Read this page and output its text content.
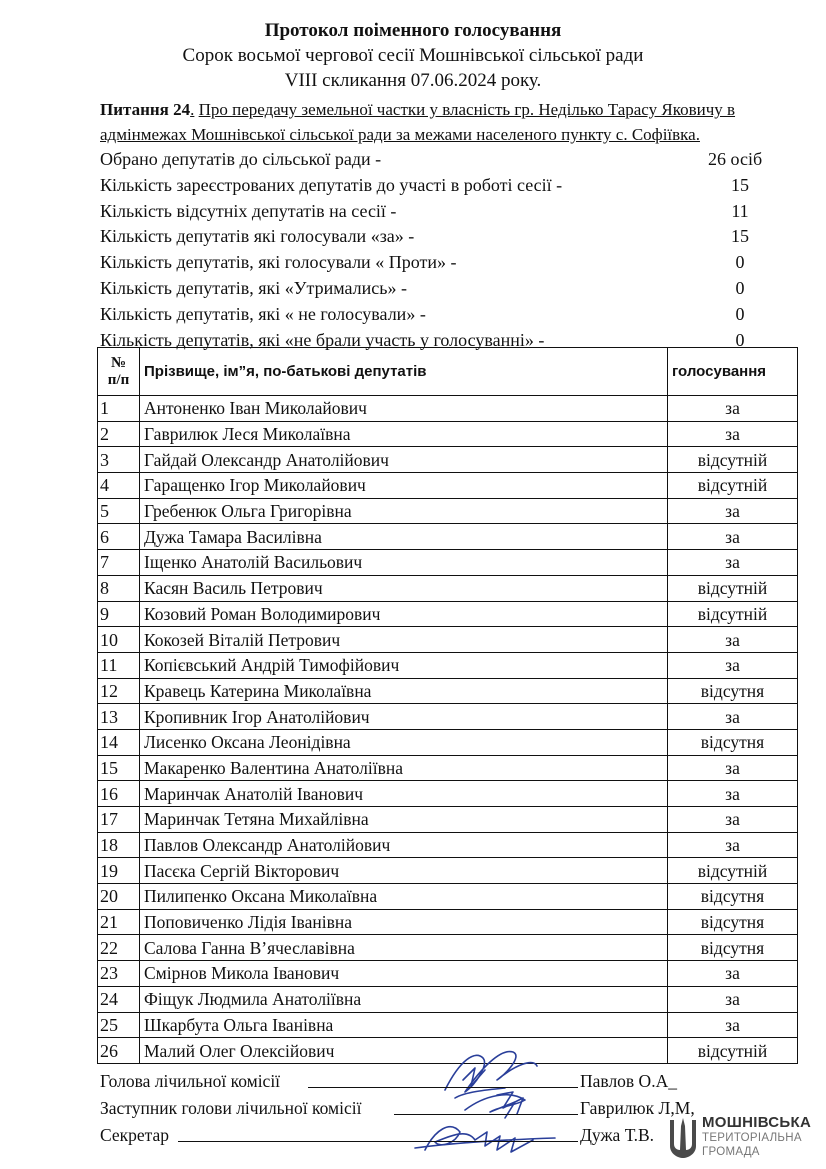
Протокол поіменного голосування
Сорок восьмої чергової сесії Мошнівської сільської ради
VIII скликання 07.06.2024 року.
Питання 24. Про передачу земельної частки у власність гр. Неділько Тарасу Яковичу в
адмінмежах Мошнівської сільської ради за межами населеного пункту с. Софіївка.
Обрано депутатів до сільської ради -	26 осіб
Кількість зареєстрованих депутатів до участі в роботі сесії -	15
Кількість відсутніх депутатів на сесії -	11
Кількість депутатів які голосували «за» -	15
Кількість депутатів, які голосували « Проти» -	0
Кількість депутатів, які «Утримались» -	0
Кількість депутатів, які « не голосували» -	0
Кількість депутатів, які «не брали участь у голосуванні» -	0
№
п/п	Прізвище, ім”я, по-батькові депутатів	голосування
1	Антоненко Іван Миколайович	за
2	Гаврилюк Леся Миколаївна	за
3	Гайдай Олександр Анатолійович	відсутній
4	Гаращенко Ігор Миколайович	відсутній
5	Гребенюк Ольга Григорівна	за
6	Дужа Тамара Василівна	за
7	Іщенко Анатолій Васильович	за
8	Касян Василь Петрович	відсутній
9	Козовий Роман Володимирович	відсутній
10	Кокозей Віталій Петрович	за
11	Копієвський Андрій Тимофійович	за
12	Кравець Катерина Миколаївна	відсутня
13	Кропивник Ігор Анатолійович	за
14	Лисенко Оксана Леонідівна	відсутня
15	Макаренко Валентина Анатоліївна	за
16	Маринчак Анатолій Іванович	за
17	Маринчак Тетяна Михайлівна	за
18	Павлов Олександр Анатолійович	за
19	Пасєка Сергій Вікторович	відсутній
20	Пилипенко Оксана Миколаївна	відсутня
21	Поповиченко Лідія Іванівна	відсутня
22	Салова Ганна В’ячеславівна	відсутня
23	Смірнов Микола Іванович	за
24	Фіщук Людмила Анатоліївна	за
25	Шкарбута Ольга Іванівна	за
26	Малий Олег Олексійович	відсутній
Голова лічильної комісії	Павлов О.А_
Заступник голови лічильної комісії	Гаврилюк Л,М,
Секретар	Дужа Т.В.
МОШНІВСЬКА
ТЕРИТОРІАЛЬНА
ГРОМАДА
